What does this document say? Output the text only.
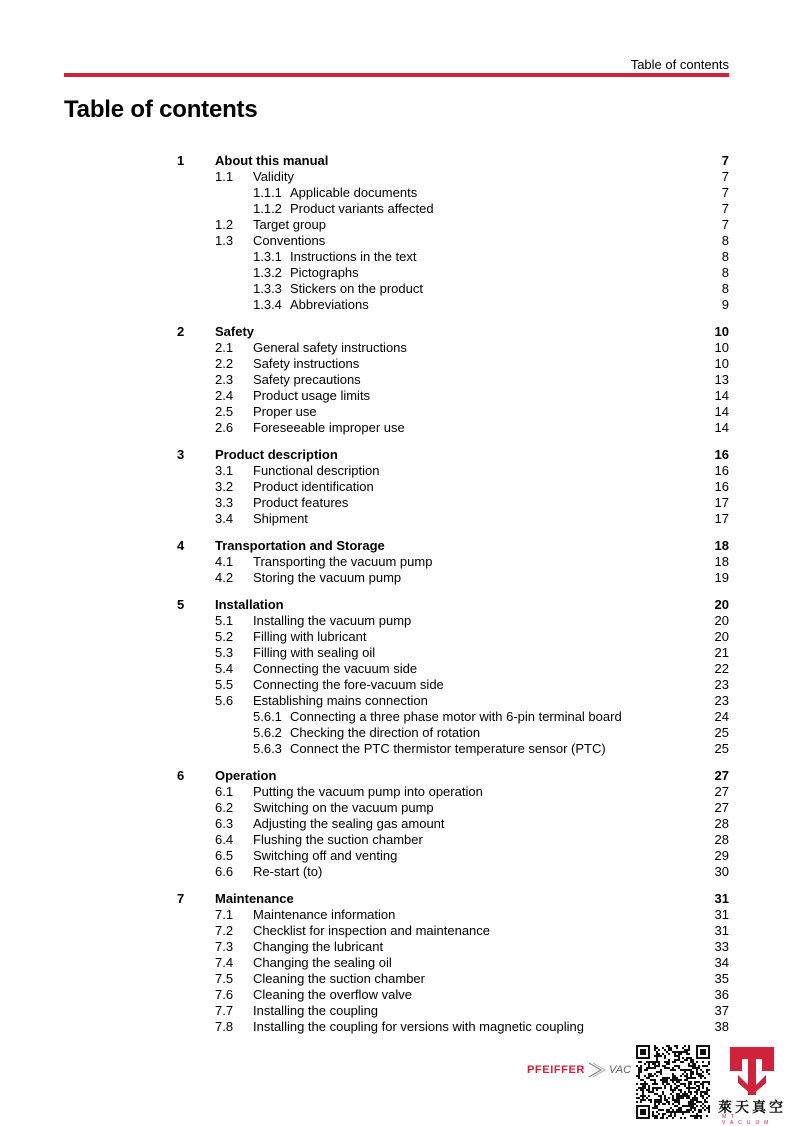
Table of contents
Table of contents
1 About this manual	7
1.1 Validity	7
1.1.1 Applicable documents	7
1.1.2 Product variants affected	7
1.2 Target group	7
1.3 Conventions	8
1.3.1 Instructions in the text	8
1.3.2 Pictographs	8
1.3.3 Stickers on the product	8
1.3.4 Abbreviations	9
2 Safety	10
2.1 General safety instructions	10
2.2 Safety instructions	10
2.3 Safety precautions	13
2.4 Product usage limits	14
2.5 Proper use	14
2.6 Foreseeable improper use	14
3 Product description	16
3.1 Functional description	16
3.2 Product identification	16
3.3 Product features	17
3.4 Shipment	17
4 Transportation and Storage	18
4.1 Transporting the vacuum pump	18
4.2 Storing the vacuum pump	19
5 Installation	20
5.1 Installing the vacuum pump	20
5.2 Filling with lubricant	20
5.3 Filling with sealing oil	21
5.4 Connecting the vacuum side	22
5.5 Connecting the fore-vacuum side	23
5.6 Establishing mains connection	23
5.6.1 Connecting a three phase motor with 6-pin terminal board	24
5.6.2 Checking the direction of rotation	25
5.6.3 Connect the PTC thermistor temperature sensor (PTC)	25
6 Operation	27
6.1 Putting the vacuum pump into operation	27
6.2 Switching on the vacuum pump	27
6.3 Adjusting the sealing gas amount	28
6.4 Flushing the suction chamber	28
6.5 Switching off and venting	29
6.6 Re-start (to)	30
7 Maintenance	31
7.1 Maintenance information	31
7.2 Checklist for inspection and maintenance	31
7.3 Changing the lubricant	33
7.4 Changing the sealing oil	34
7.5 Cleaning the suction chamber	35
7.6 Cleaning the overflow valve	36
7.7 Installing the coupling	37
7.8 Installing the coupling for versions with magnetic coupling	38
PFEIFFER VAC
萊天真空
MT VACUUM
